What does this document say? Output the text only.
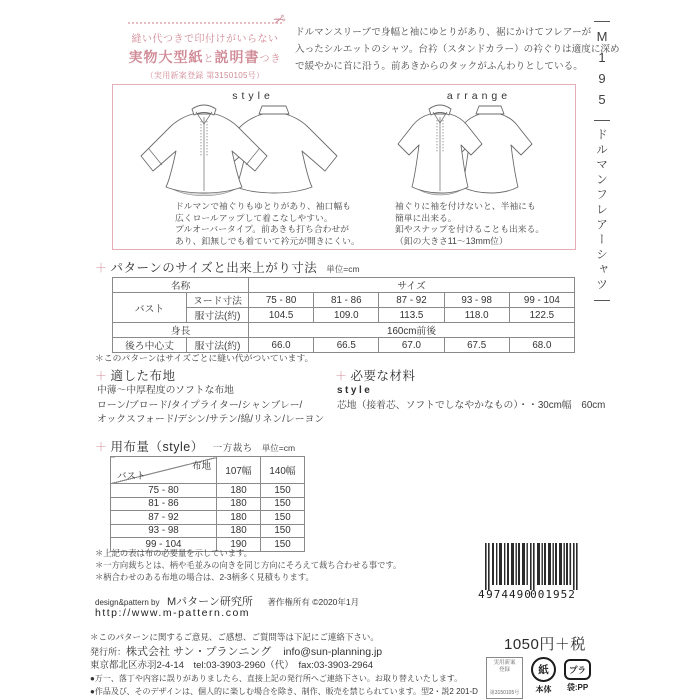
✂
縫い代つきで印付けがいらない
実物大型紙と説明書つき
（実用新案登録 第3150105号）
ドルマンスリーブで身幅と袖にゆとりがあり、裾にかけてフレアーが
入ったシルエットのシャツ。台衿（スタンドカラー）の衿ぐりは適度に深め
で緩やかに首に沿う。前あきからのタックがふんわりとしている。 M195
ドルマンフレアーシャツ
style	arrange
ドルマンで袖ぐりもゆとりがあり、袖口幅も
広くロールアップして着こなしやすい。
プルオーバータイプ。前あきも打ち合わせが
あり、釦無しでも着ていて衿元が開きにくい。
袖ぐりに袖を付けないと、半袖にも
簡単に出来る。
釦やスナップを付けることも出来る。
（釦の大きさ11～13mm位）
＋ パターンのサイズと出来上がり寸法 単位=cm
名称		サイズ				
バスト	ヌード寸法	75 - 80	81 - 86	87 - 92	93 - 98	99 - 104
	服寸法(約)	104.5	109.0	113.5	118.0	122.5
身長		160cm前後				
後ろ中心丈	服寸法(約)	66.0	66.5	67.0	67.5	68.0
＊このパターンはサイズごとに縫い代がついています。
＋ 適した布地
中薄～中厚程度のソフトな布地
ローン/ブロード/タイプライター/シャンブレー/
オックスフォード/デシン/サテン/綿/リネン/レーヨン
＋ 必要な材料
style
芯地（接着芯、ソフトでしなやかなもの）・・30cm幅　60cm
＋ 用布量（style） 一方裁ち 単位=cm
布地
バスト	107幅	140幅
75 - 80	180	150
81 - 86	180	150
87 - 92	180	150
93 - 98	180	150
99 - 104	190	150
＊上記の表は布の必要量を示しています。
＊一方向裁ちとは、柄や毛並みの向きを同じ方向にそろえて裁ち合わせる事です。
＊柄合わせのある布地の場合は、2-3柄多く見積もります。
design&pattern by Mパターン研究所 著作権所有 ©2020年1月
http://www.m-pattern.com
4 974490
001952
＊このパターンに関するご意見、ご感想、ご質問等は下記にご連絡下さい。
発行所：株式会社 サン・プランニング info@sun-planning.jp
東京都北区赤羽2-4-14　tel:03-3903-2960（代）　fax:03-3903-2964
●万一、落丁や内容に誤りがありましたら、直接上記の発行所へご連絡下さい。お取り替えいたします。
●作品及び、そのデザインは、個人的に楽しむ場合を除き、制作、販売を禁じられています。型2・説2 201-D
1050円＋税
実用新案
登録
第3150105号
紙
本体
プラ
袋:PP
